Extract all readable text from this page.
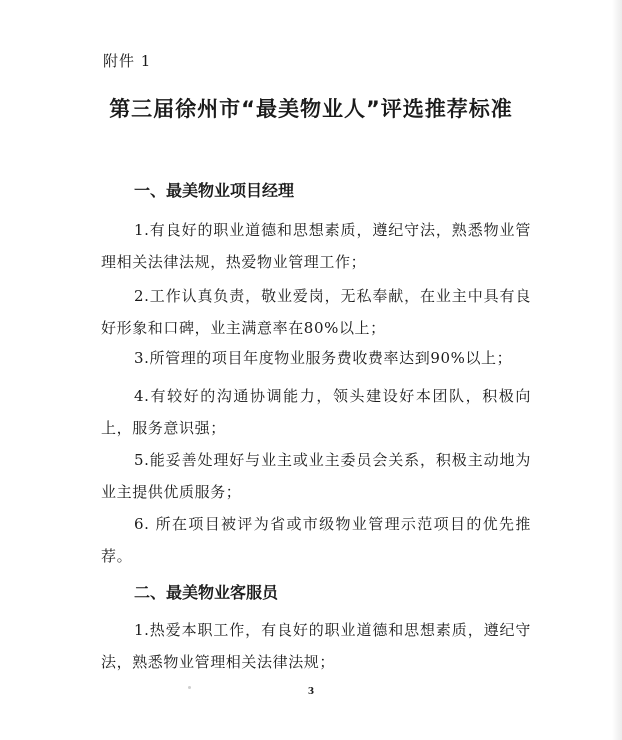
附件 1
第三届徐州市“最美物业人”评选推荐标准
一、最美物业项目经理
1.有良好的职业道德和思想素质，遵纪守法，熟悉物业管理相关法律法规，热爱物业管理工作；
2.工作认真负责，敬业爱岗，无私奉献，在业主中具有良好形象和口碑，业主满意率在80%以上；
3.所管理的项目年度物业服务费收费率达到90%以上；
4.有较好的沟通协调能力，领头建设好本团队，积极向上，服务意识强；
5.能妥善处理好与业主或业主委员会关系，积极主动地为业主提供优质服务；
6. 所在项目被评为省或市级物业管理示范项目的优先推荐。
二、最美物业客服员
1.热爱本职工作，有良好的职业道德和思想素质，遵纪守法，熟悉物业管理相关法律法规；
3
